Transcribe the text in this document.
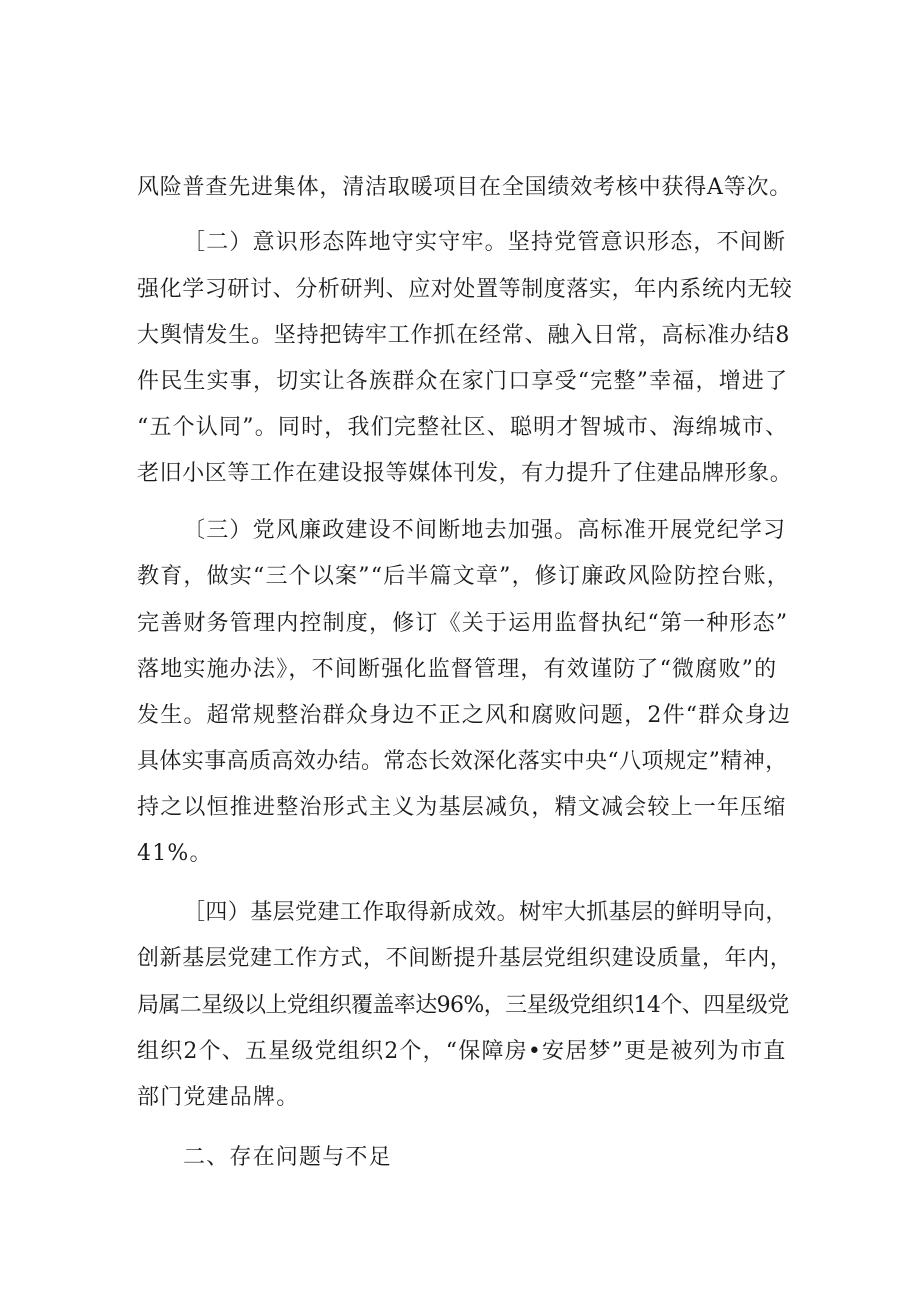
风险普查先进集体，清洁取暖项目在全国绩效考核中获得A等次。
［二）意识形态阵地守实守牢。坚持党管意识形态，不间断
强化学习研讨、分析研判、应对处置等制度落实，年内系统内无较
大舆情发生。坚持把铸牢工作抓在经常、融入日常，高标准办结8
件民生实事，切实让各族群众在家门口享受“完整”幸福，增进了
“五个认同”。同时，我们完整社区、聪明才智城市、海绵城市、
老旧小区等工作在建设报等媒体刊发，有力提升了住建品牌形象。
〔三）党风廉政建设不间断地去加强。高标准开展党纪学习
教育，做实“三个以案”“后半篇文章”，修订廉政风险防控台账，
完善财务管理内控制度，修订《关于运用监督执纪“第一种形态”
落地实施办法》，不间断强化监督管理，有效谨防了“微腐败”的
发生。超常规整治群众身边不正之风和腐败问题，2件“群众身边
具体实事高质高效办结。常态长效深化落实中央“八项规定”精神，
持之以恒推进整治形式主义为基层减负，精文减会较上一年压缩
41%。
［四）基层党建工作取得新成效。树牢大抓基层的鲜明导向，
创新基层党建工作方式，不间断提升基层党组织建设质量，年内，
局属二星级以上党组织覆盖率达96%，三星级党组织14个、四星级党
组织2个、五星级党组织2个，“保障房•安居梦”更是被列为市直
部门党建品牌。
二、存在问题与不足
